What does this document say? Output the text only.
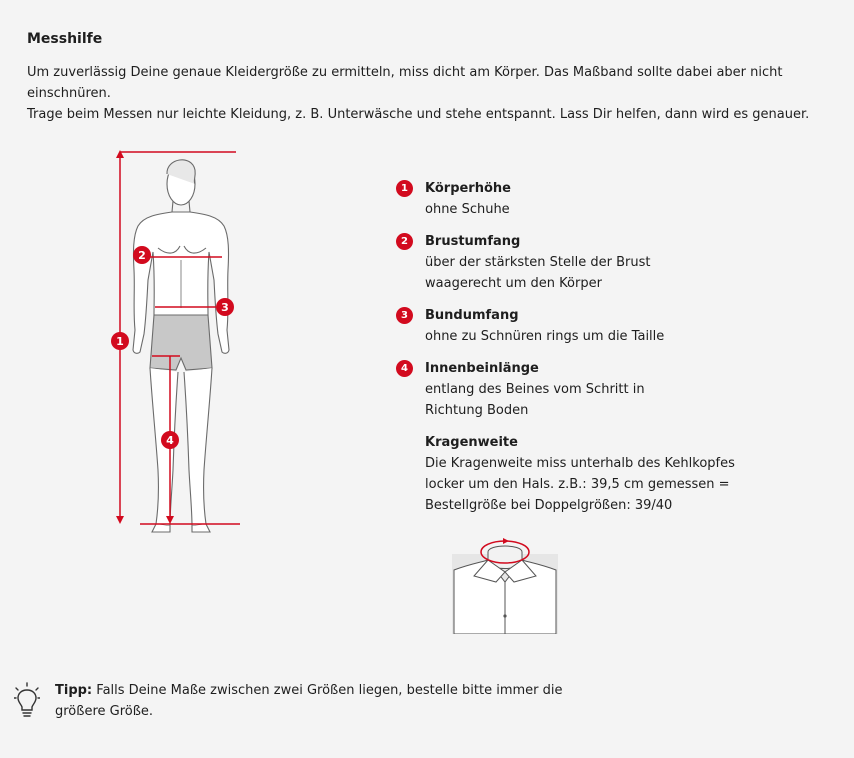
Messhilfe

Um zuverlässig Deine genaue Kleidergröße zu ermitteln, miss dicht am Körper. Das Maßband sollte dabei aber nicht einschnüren.
Trage beim Messen nur leichte Kleidung, z. B. Unterwäsche und stehe entspannt. Lass Dir helfen, dann wird es genauer.

1
2
3
4
1	Körperhöhe
ohne Schuhe
2	Brustumfang
über der stärksten Stelle der Brust
waagerecht um den Körper
3	Bundumfang
ohne zu Schnüren rings um die Taille
4	Innenbeinlänge
entlang des Beines vom Schritt in
Richtung Boden
Kragenweite
Die Kragenweite miss unterhalb des Kehlkopfes
locker um den Hals. z.B.: 39,5 cm gemessen =
Bestellgröße bei Doppelgrößen: 39/40
Tipp: Falls Deine Maße zwischen zwei Größen liegen, bestelle bitte immer die
größere Größe.
